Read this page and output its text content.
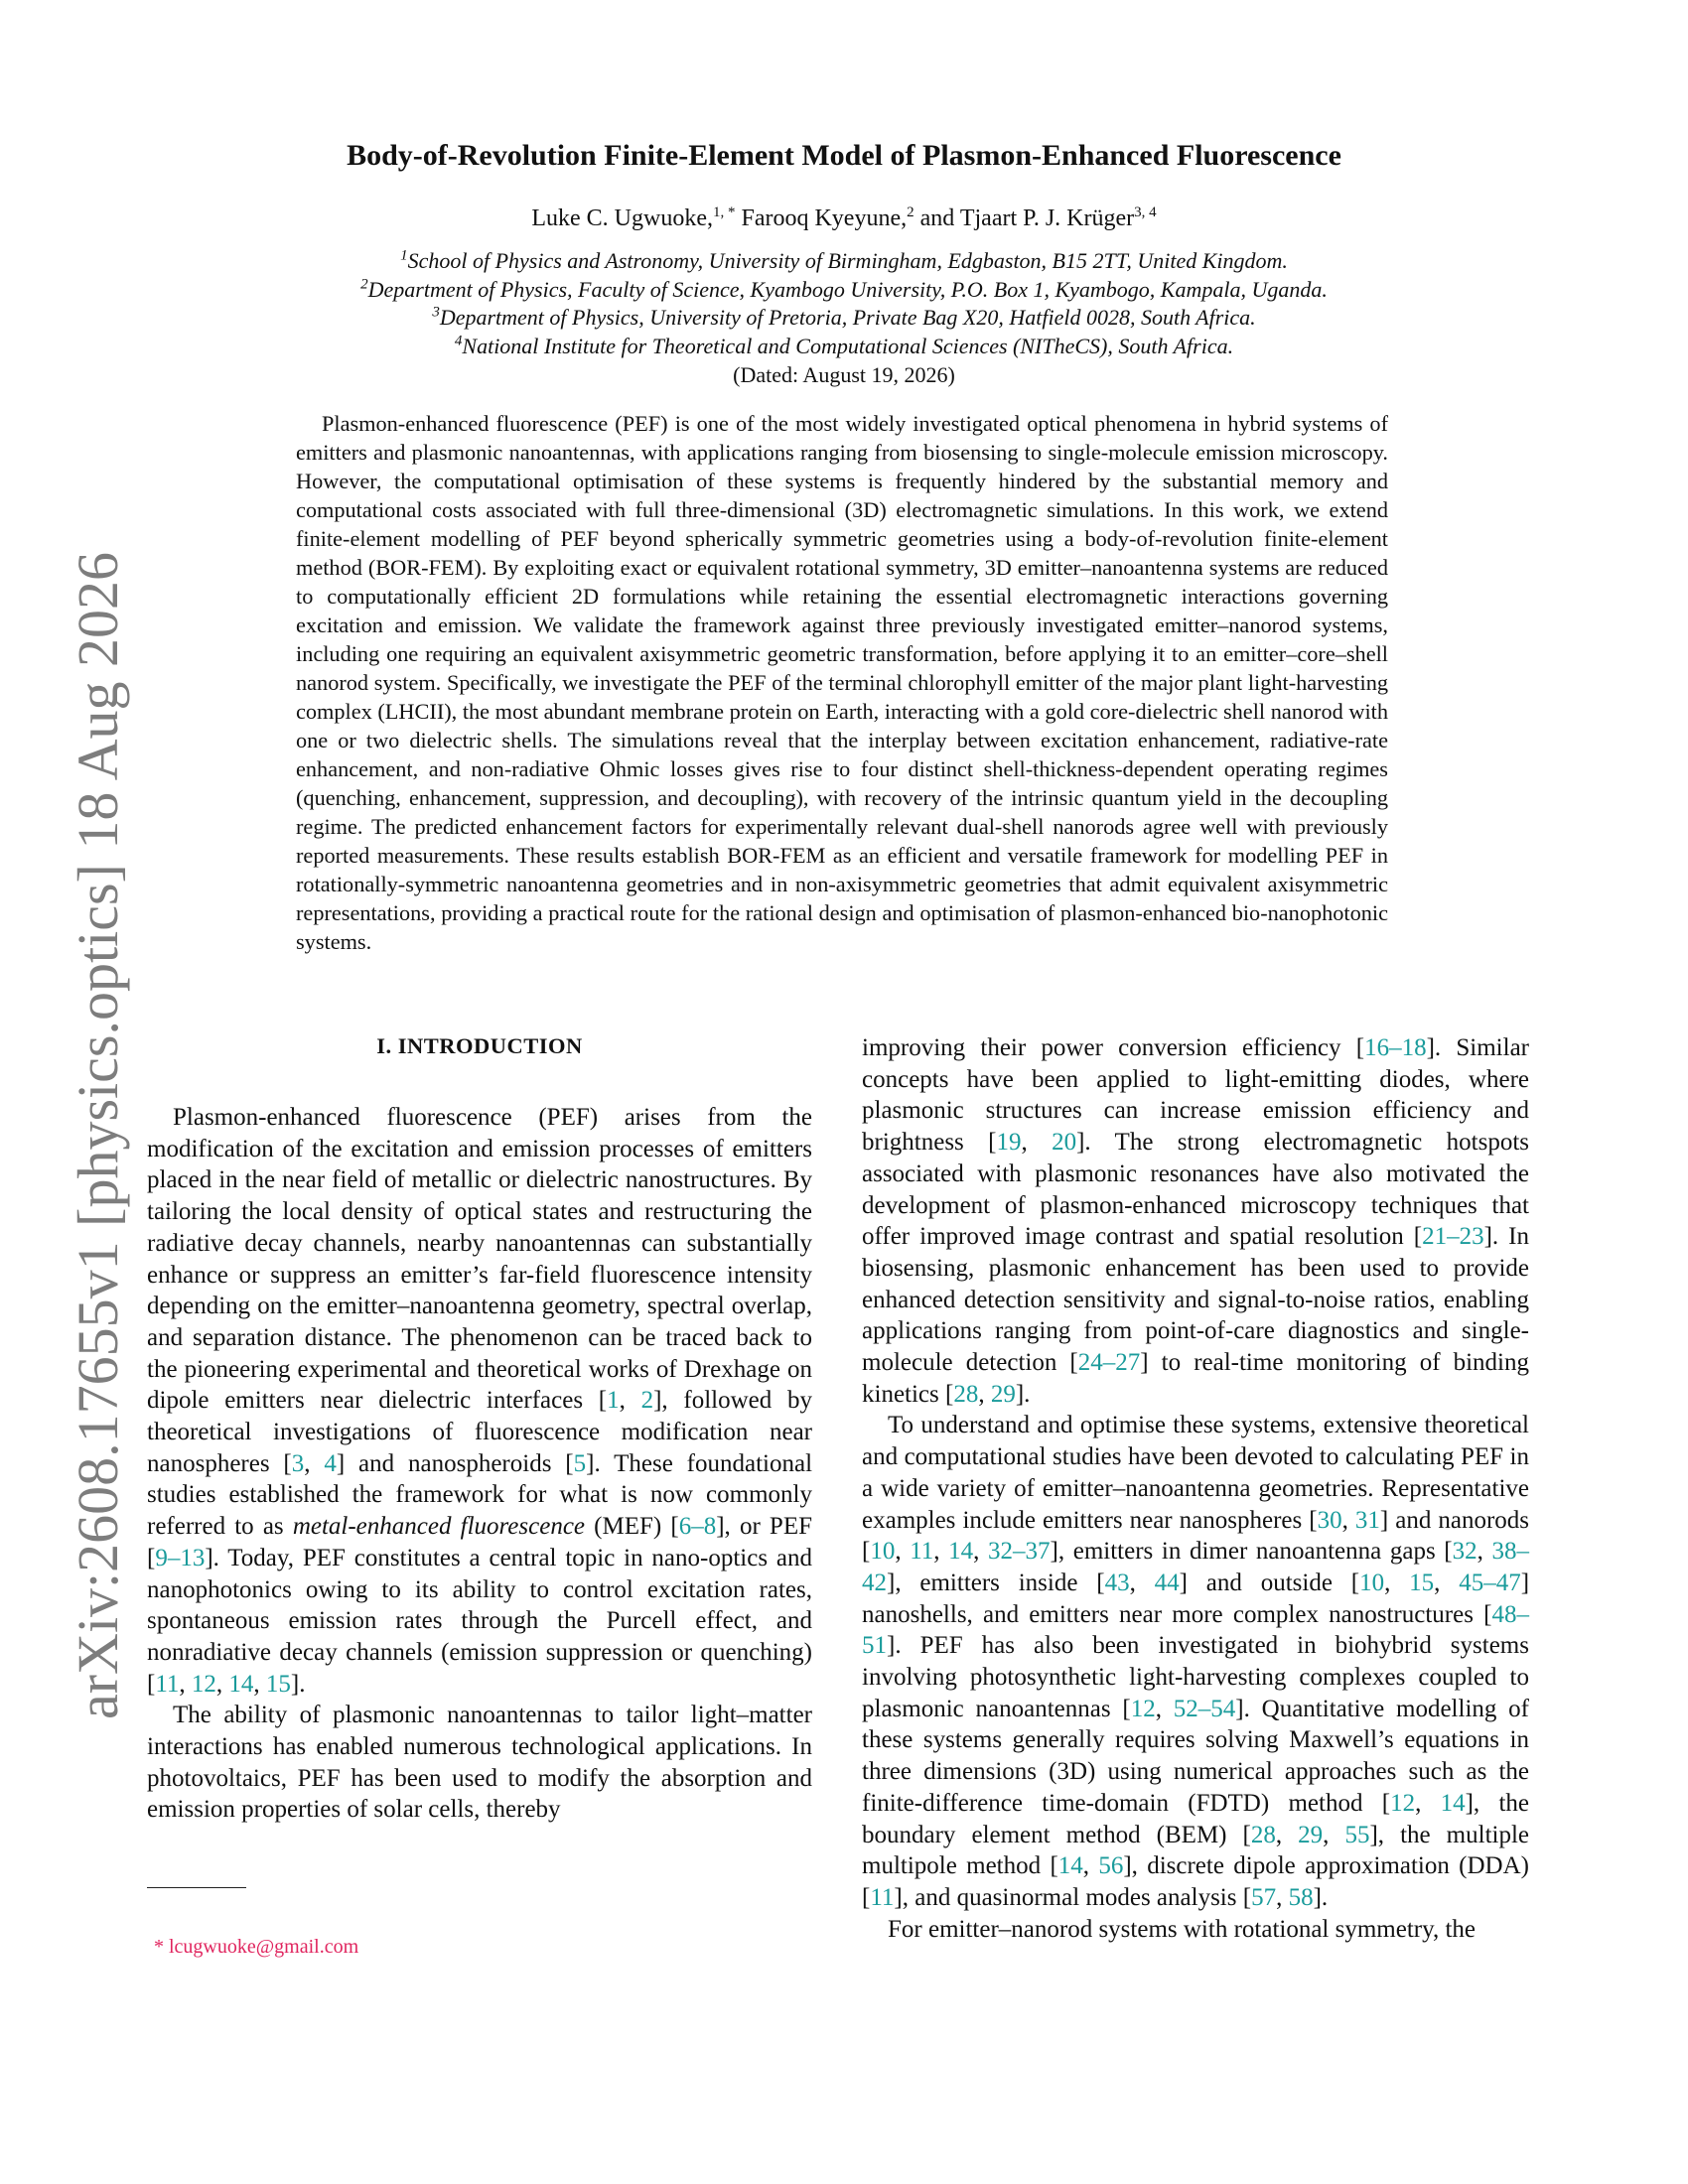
arXiv:2608.17655v1 [physics.optics] 18 Aug 2026
Body-of-Revolution Finite-Element Model of Plasmon-Enhanced Fluorescence
Luke C. Ugwuoke,$^{1, *}$ Farooq Kyeyune,$^2$ and Tjaart P. J. Krüger$^{3, 4}$
$^1$School of Physics and Astronomy, University of Birmingham, Edgbaston, B15 2TT, United Kingdom.
$^2$Department of Physics, Faculty of Science, Kyambogo University, P.O. Box 1, Kyambogo, Kampala, Uganda.
$^3$Department of Physics, University of Pretoria, Private Bag X20, Hatfield 0028, South Africa.
$^4$National Institute for Theoretical and Computational Sciences (NITheCS), South Africa.
(Dated: August 19, 2026)
Plasmon-enhanced fluorescence (PEF) is one of the most widely investigated optical phenomena in hybrid systems of emitters and plasmonic nanoantennas, with applications ranging from biosensing to single-molecule emission microscopy. However, the computational optimisation of these systems is frequently hindered by the substantial memory and computational costs associated with full three-dimensional (3D) electromagnetic simulations. In this work, we extend finite-element modelling of PEF beyond spherically symmetric geometries using a body-of-revolution finite-element method (BOR-FEM). By exploiting exact or equivalent rotational symmetry, 3D emitter–nanoantenna systems are reduced to computationally efficient 2D formulations while retaining the essential electromagnetic interactions governing excitation and emission. We validate the framework against three previously investigated emitter–nanorod systems, including one requiring an equivalent axisymmetric geometric transformation, before applying it to an emitter–core–shell nanorod system. Specifically, we investigate the PEF of the terminal chlorophyll emitter of the major plant light-harvesting complex (LHCII), the most abundant membrane protein on Earth, interacting with a gold core-dielectric shell nanorod with one or two dielectric shells. The simulations reveal that the interplay between excitation enhancement, radiative-rate enhancement, and non-radiative Ohmic losses gives rise to four distinct shell-thickness-dependent operating regimes (quenching, enhancement, suppression, and decoupling), with recovery of the intrinsic quantum yield in the decoupling regime. The predicted enhancement factors for experimentally relevant dual-shell nanorods agree well with previously reported measurements. These results establish BOR-FEM as an efficient and versatile framework for modelling PEF in rotationally-symmetric nanoantenna geometries and in non-axisymmetric geometries that admit equivalent axisymmetric representations, providing a practical route for the rational design and optimisation of plasmon-enhanced bio-nanophotonic systems.
I. INTRODUCTION

Plasmon-enhanced fluorescence (PEF) arises from the modification of the excitation and emission processes of emitters placed in the near field of metallic or dielectric nanostructures. By tailoring the local density of optical states and restructuring the radiative decay channels, nearby nanoantennas can substantially enhance or suppress an emitter’s far-field fluorescence intensity depending on the emitter–nanoantenna geometry, spectral overlap, and separation distance. The phenomenon can be traced back to the pioneering experimental and theoretical works of Drexhage on dipole emitters near dielectric interfaces [1, 2], followed by theoretical investigations of fluorescence modification near nanospheres [3, 4] and nanospheroids [5]. These foundational studies established the framework for what is now commonly referred to as metal-enhanced fluorescence (MEF) [6–8], or PEF [9–13]. Today, PEF constitutes a central topic in nano-optics and nanophotonics owing to its ability to control excitation rates, spontaneous emission rates through the Purcell effect, and nonradiative decay channels (emission suppression or quenching) [11, 12, 14, 15].

The ability of plasmonic nanoantennas to tailor light–matter interactions has enabled numerous technological applications. In photovoltaics, PEF has been used to modify the absorption and emission properties of solar cells, thereby

improving their power conversion efficiency [16–18]. Similar concepts have been applied to light-emitting diodes, where plasmonic structures can increase emission efficiency and brightness [19, 20]. The strong electromagnetic hotspots associated with plasmonic resonances have also motivated the development of plasmon-enhanced microscopy techniques that offer improved image contrast and spatial resolution [21–23]. In biosensing, plasmonic enhancement has been used to provide enhanced detection sensitivity and signal-to-noise ratios, enabling applications ranging from point-of-care diagnostics and single-molecule detection [24–27] to real-time monitoring of binding kinetics [28, 29].

To understand and optimise these systems, extensive theoretical and computational studies have been devoted to calculating PEF in a wide variety of emitter–nanoantenna geometries. Representative examples include emitters near nanospheres [30, 31] and nanorods [10, 11, 14, 32–37], emitters in dimer nanoantenna gaps [32, 38–42], emitters inside [43, 44] and outside [10, 15, 45–47] nanoshells, and emitters near more complex nanostructures [48–51]. PEF has also been investigated in biohybrid systems involving photosynthetic light-harvesting complexes coupled to plasmonic nanoantennas [12, 52–54]. Quantitative modelling of these systems generally requires solving Maxwell’s equations in three dimensions (3D) using numerical approaches such as the finite-difference time-domain (FDTD) method [12, 14], the boundary element method (BEM) [28, 29, 55], the multiple multipole method [14, 56], discrete dipole approximation (DDA) [11], and quasinormal modes analysis [57, 58].

For emitter–nanorod systems with rotational symmetry, the

* lcugwuoke@gmail.com
